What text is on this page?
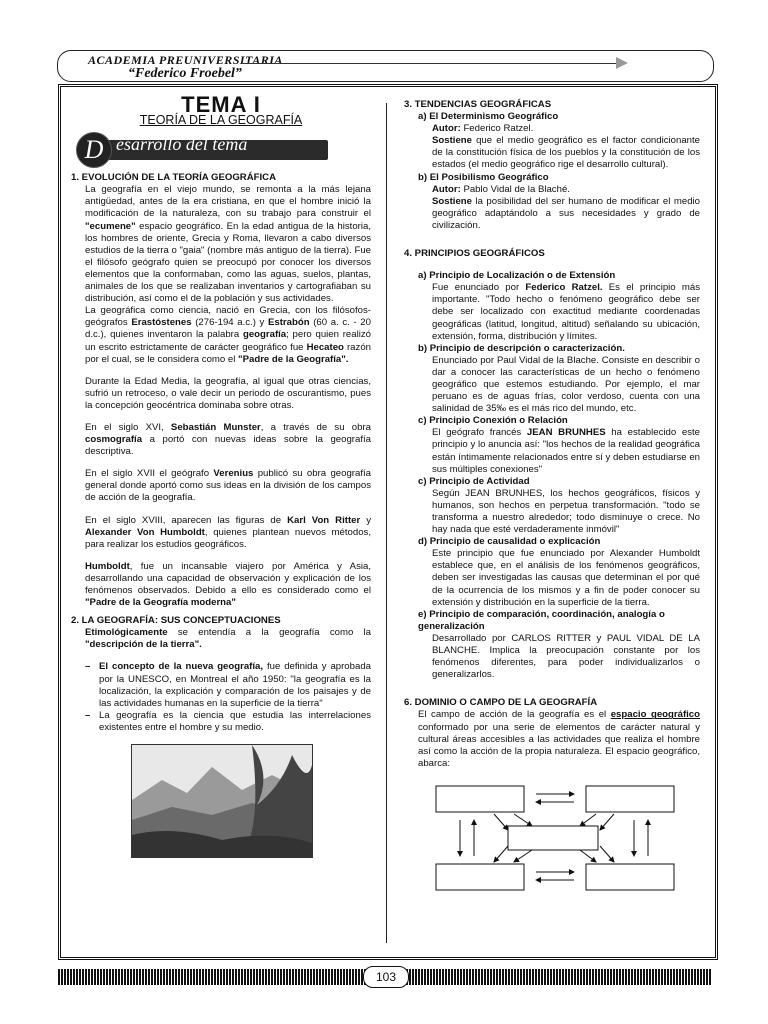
ACADEMIA PREUNIVERSITARIA
“Federico Froebel”
TEMA I
TEORÍA DE LA GEOGRAFÍA
D esarrollo del tema
1. EVOLUCIÓN DE LA TEORÍA GEOGRÁFICA

La geografía en el viejo mundo, se remonta a la más lejana antigüedad, antes de la era cristiana, en que el hombre inició la modificación de la naturaleza, con su trabajo para construir el "ecumene" espacio geográfico. En la edad antigua de la historia, los hombres de oriente, Grecia y Roma, llevaron a cabo diversos estudios de la tierra o "gaia" (nombre más antiguo de la tierra). Fue el filósofo geógrafo quien se preocupó por conocer los diversos elementos que la conformaban, como las aguas, suelos, plantas, animales de los que se realizaban inventarios y cartografiaban su distribución, así como el de la población y sus actividades.

La geográfica como ciencia, nació en Grecia, con los filósofos-geógrafos Erastóstenes (276-194 a.c.) y Estrabón (60 a. c. - 20 d.c.), quienes inventaron la palabra geografía; pero quien realizó un escrito estrictamente de carácter geográfico fue Hecateo razón por el cual, se le considera como el "Padre de la Geografía".

Durante la Edad Media, la geografía, al igual que otras ciencias, sufrió un retroceso, o vale decir un periodo de oscurantismo, pues la concepción geocéntrica dominaba sobre otras.

En el siglo XVI, Sebastián Munster, a través de su obra cosmografía a portó con nuevas ideas sobre la geografía descriptiva.

En el siglo XVII el geógrafo Verenius publicó su obra geografía general donde aportó como sus ideas en la división de los campos de acción de la geografía.

En el siglo XVIII, aparecen las figuras de Karl Von Ritter y Alexander Von Humboldt, quienes plantean nuevos métodos, para realizar los estudios geográficos.

Humboldt, fue un incansable viajero por América y Asia, desarrollando una capacidad de observación y explicación de los fenómenos observados. Debido a ello es considerado como el "Padre de la Geografía moderna"

2. LA GEOGRAFÍA: SUS CONCEPTUACIONES

Etimológicamente se entendía a la geografía como la "descripción de la tierra".

– El concepto de la nueva geografía, fue definida y aprobada por la UNESCO, en Montreal el año 1950: "la geografía es la localización, la explicación y comparación de los paisajes y de las actividades humanas en la superficie de la tierra"

– La geografía es la ciencia que estudia las interrelaciones existentes entre el hombre y su medio.

3. TENDENCIAS GEOGRÁFICAS
a) El Determinismo Geográfico

Autor: Federico Ratzel.

Sostiene que el medio geográfico es el factor condicionante de la constitución física de los pueblos y la constitución de los estados (el medio geográfico rige el desarrollo cultural).

b) El Posibilismo Geográfico

Autor: Pablo Vidal de la Blaché.

Sostiene la posibilidad del ser humano de modificar el medio geográfico adaptándolo a sus necesidades y grado de civilización.

4. PRINCIPIOS GEOGRÁFICOS
a) Principio de Localización o de Extensión

Fue enunciado por Federico Ratzel. Es el principio más importante. "Todo hecho o fenómeno geográfico debe ser debe ser localizado con exactitud mediante coordenadas geográficas (latitud, longitud, altitud) señalando su ubicación, extensión, forma, distribución y límites.

b) Principio de descripción o caracterización.

Enunciado por Paul Vidal de la Blache. Consiste en describir o dar a conocer las características de un hecho o fenómeno geográfico que estemos estudiando. Por ejemplo, el mar peruano es de aguas frías, color verdoso, cuenta con una salinidad de 35‰ es el más rico del mundo, etc.

c) Principio Conexión o Relación

El geógrafo francés JEAN BRUNHES ha establecido este principio y lo anuncia así: "los hechos de la realidad geográfica están íntimamente relacionados entre sí y deben estudiarse en sus múltiples conexiones"

c) Principio de Actividad

Según JEAN BRUNHES, los hechos geográficos, físicos y humanos, son hechos en perpetua transformación. "todo se transforma a nuestro alrededor; todo disminuye o crece. No hay nada que esté verdaderamente inmóvil"

d) Principio de causalidad o explicación

Este principio que fue enunciado por Alexander Humboldt establece que, en el análisis de los fenómenos geográficos, deben ser investigadas las causas que determinan el por qué de la ocurrencia de los mismos y a fin de poder conocer su extensión y distribución en la superficie de la tierra.

e) Principio de comparación, coordinación, analogía o generalización

Desarrollado por CARLOS RITTER y PAUL VIDAL DE LA BLANCHE. Implica la preocupación constante por los fenómenos diferentes, para poder individualizarlos o generalizarlos.

6. DOMINIO O CAMPO DE LA GEOGRAFÍA

El campo de acción de la geografía es el espacio geográfico conformado por una serie de elementos de carácter natural y cultural áreas accesibles a las actividades que realiza el hombre así como la acción de la propia naturaleza. El espacio geográfico, abarca:

103
